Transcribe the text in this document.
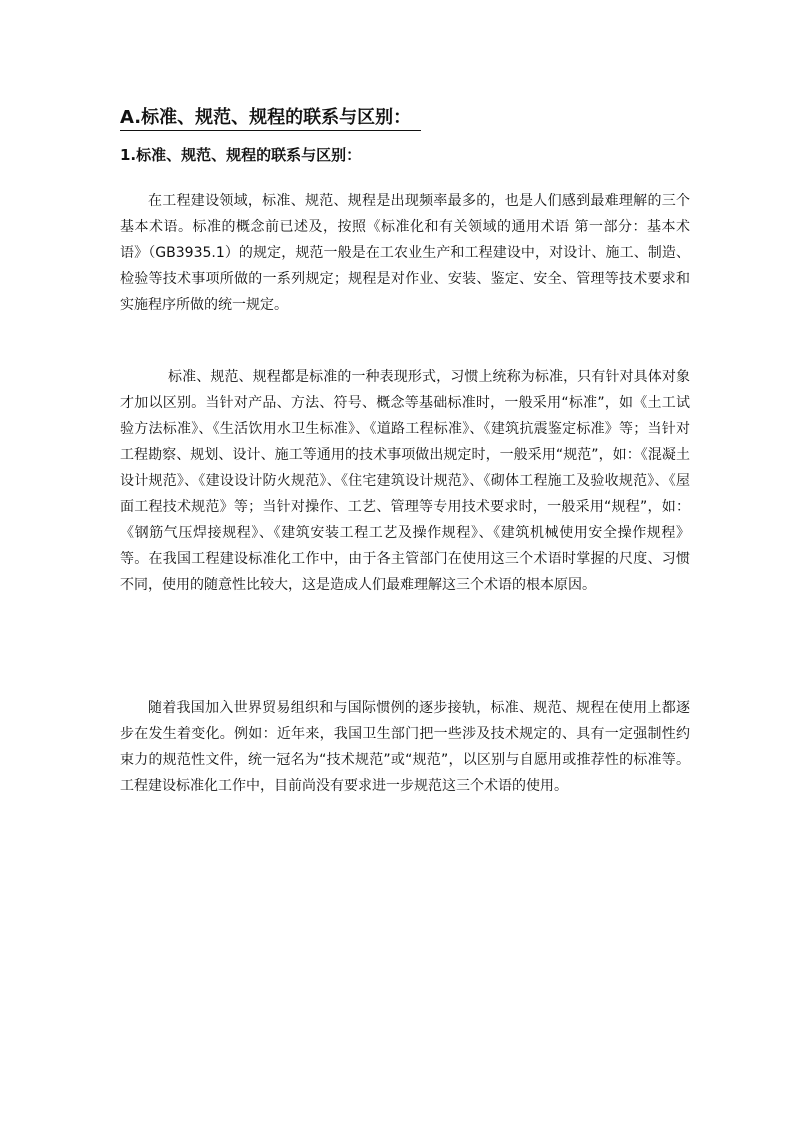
A.标准、规范、规程的联系与区别：
1.标准、规范、规程的联系与区别：

在工程建设领域，标准、规范、规程是出现频率最多的，也是人们感到最难理解的三个基本术语。标准的概念前已述及，按照《标准化和有关领域的通用术语 第一部分：基本术语》（GB3935.1）的规定，规范一般是在工农业生产和工程建设中，对设计、施工、制造、检验等技术事项所做的一系列规定；规程是对作业、安装、鉴定、安全、管理等技术要求和实施程序所做的统一规定。

标准、规范、规程都是标准的一种表现形式，习惯上统称为标准，只有针对具体对象才加以区别。当针对产品、方法、符号、概念等基础标准时，一般采用“标准”，如《土工试验方法标准》、《生活饮用水卫生标准》、《道路工程标准》、《建筑抗震鉴定标准》等；当针对工程勘察、规划、设计、施工等通用的技术事项做出规定时，一般采用“规范”，如：《混凝土设计规范》、《建设设计防火规范》、《住宅建筑设计规范》、《砌体工程施工及验收规范》、《屋面工程技术规范》等；当针对操作、工艺、管理等专用技术要求时，一般采用“规程”，如：《钢筋气压焊接规程》、《建筑安装工程工艺及操作规程》、《建筑机械使用安全操作规程》等。在我国工程建设标准化工作中，由于各主管部门在使用这三个术语时掌握的尺度、习惯不同，使用的随意性比较大，这是造成人们最难理解这三个术语的根本原因。

随着我国加入世界贸易组织和与国际惯例的逐步接轨，标准、规范、规程在使用上都逐步在发生着变化。例如：近年来，我国卫生部门把一些涉及技术规定的、具有一定强制性约束力的规范性文件，统一冠名为“技术规范”或“规范”，以区别与自愿用或推荐性的标准等。工程建设标准化工作中，目前尚没有要求进一步规范这三个术语的使用。
